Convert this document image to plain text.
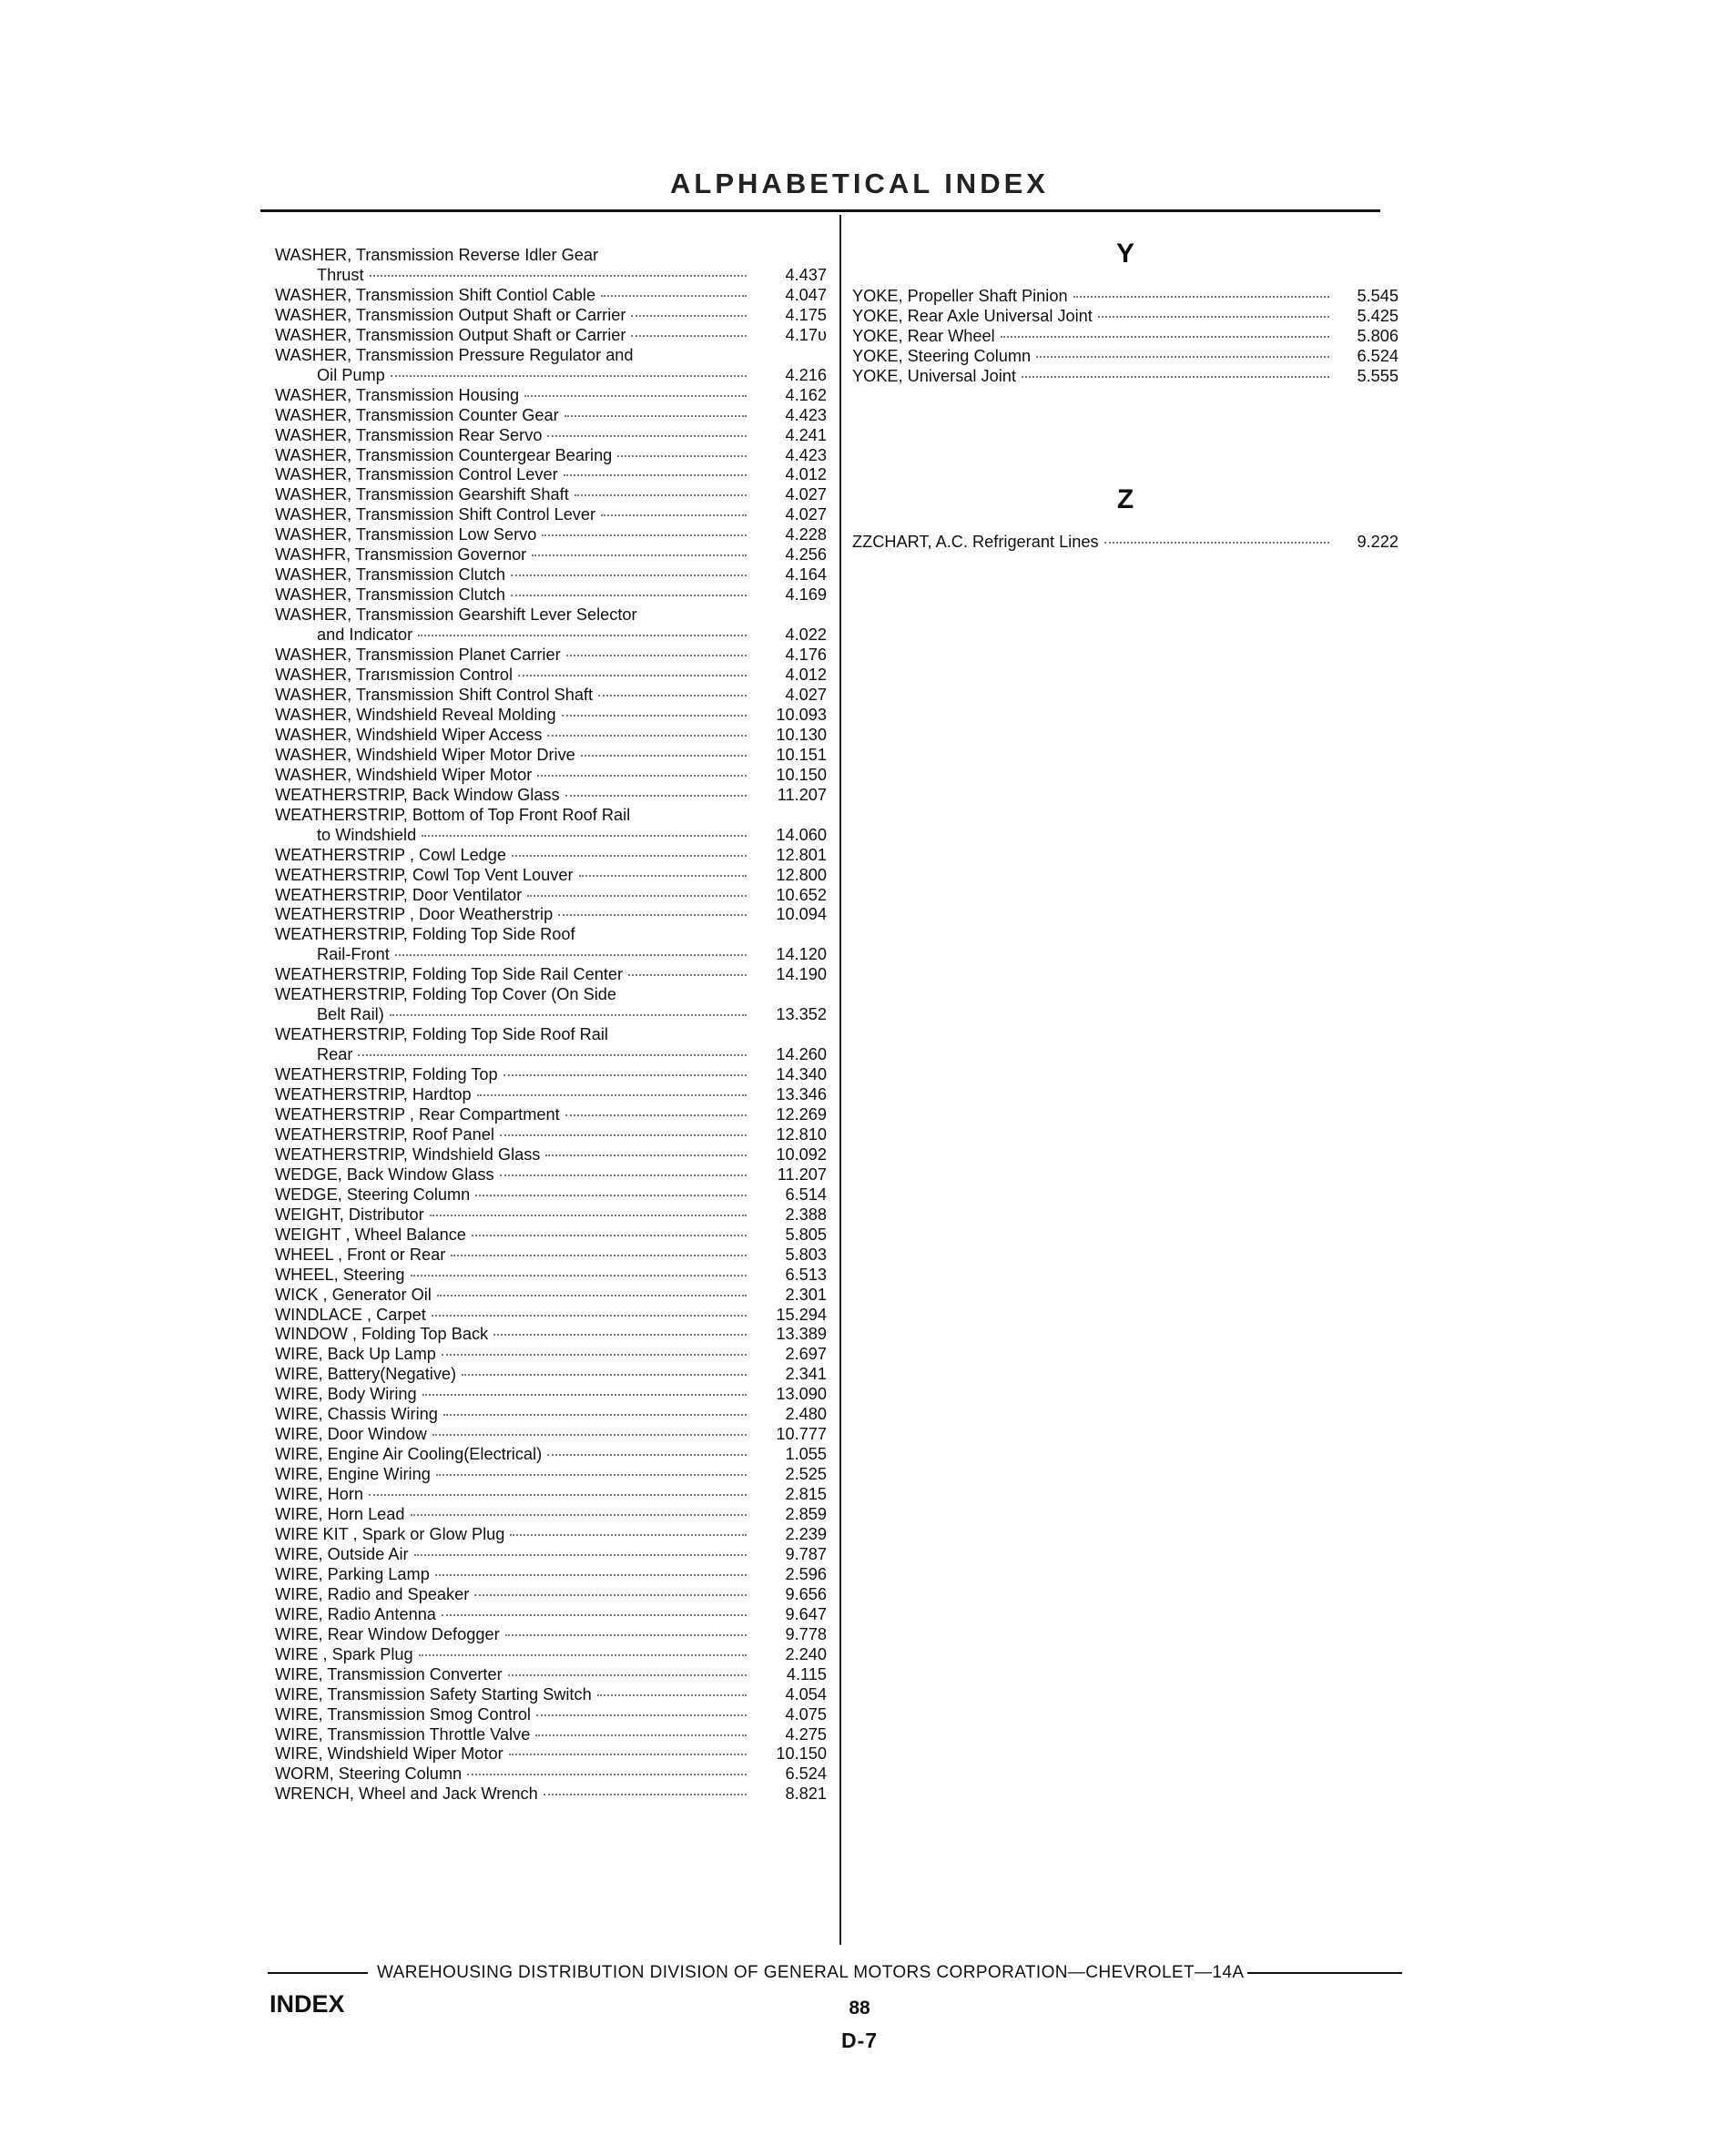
ALPHABETICAL INDEX
WASHER, Transmission Reverse Idler Gear
Thrust	4.437
WASHER, Transmission Shift Contiol Cable	4.047
WASHER, Transmission Output Shaft or Carrier	4.175
WASHER, Transmission Output Shaft or Carrier	4.17υ
WASHER, Transmission Pressure Regulator and
Oil Pump	4.216
WASHER, Transmission Housing	4.162
WASHER, Transmission Counter Gear	4.423
WASHER, Transmission Rear Servo	4.241
WASHER, Transmission Countergear Bearing	4.423
WASHER, Transmission Control Lever	4.012
WASHER, Transmission Gearshift Shaft	4.027
WASHER, Transmission Shift Control Lever	4.027
WASHER, Transmission Low Servo	4.228
WASHFR, Transmission Governor	4.256
WASHER, Transmission Clutch	4.164
WASHER, Transmission Clutch	4.169
WASHER, Transmission Gearshift Lever Selector
and Indicator	4.022
WASHER, Transmission Planet Carrier	4.176
WASHER, Trarısmission Control	4.012
WASHER, Transmission Shift Control Shaft	4.027
WASHER, Windshield Reveal Molding	10.093
WASHER, Windshield Wiper Access	10.130
WASHER, Windshield Wiper Motor Drive	10.151
WASHER, Windshield Wiper Motor	10.150
WEATHERSTRIP, Back Window Glass	11.207
WEATHERSTRIP, Bottom of Top Front Roof Rail
to Windshield	14.060
WEATHERSTRIP , Cowl Ledge	12.801
WEATHERSTRIP, Cowl Top Vent Louver	12.800
WEATHERSTRIP, Door Ventilator	10.652
WEATHERSTRIP , Door Weatherstrip	10.094
WEATHERSTRIP, Folding Top Side Roof
Rail-Front	14.120
WEATHERSTRIP, Folding Top Side Rail Center	14.190
WEATHERSTRIP, Folding Top Cover (On Side
Belt Rail)	13.352
WEATHERSTRIP, Folding Top Side Roof Rail
Rear	14.260
WEATHERSTRIP, Folding Top	14.340
WEATHERSTRIP, Hardtop	13.346
WEATHERSTRIP , Rear Compartment	12.269
WEATHERSTRIP, Roof Panel	12.810
WEATHERSTRIP, Windshield Glass	10.092
WEDGE, Back Window Glass	11.207
WEDGE, Steering Column	6.514
WEIGHT, Distributor	2.388
WEIGHT , Wheel Balance	5.805
WHEEL , Front or Rear	5.803
WHEEL, Steering	6.513
WICK , Generator Oil	2.301
WINDLACE , Carpet	15.294
WINDOW , Folding Top Back	13.389
WIRE, Back Up Lamp	2.697
WIRE, Battery(Negative)	2.341
WIRE, Body Wiring	13.090
WIRE, Chassis Wiring	2.480
WIRE, Door Window	10.777
WIRE, Engine Air Cooling(Electrical)	1.055
WIRE, Engine Wiring	2.525
WIRE, Horn	2.815
WIRE, Horn Lead	2.859
WIRE KIT , Spark or Glow Plug	2.239
WIRE, Outside Air	9.787
WIRE, Parking Lamp	2.596
WIRE, Radio and Speaker	9.656
WIRE, Radio Antenna	9.647
WIRE, Rear Window Defogger	9.778
WIRE , Spark Plug	2.240
WIRE, Transmission Converter	4.115
WIRE, Transmission Safety Starting Switch	4.054
WIRE, Transmission Smog Control	4.075
WIRE, Transmission Throttle Valve	4.275
WIRE, Windshield Wiper Motor	10.150
WORM, Steering Column	6.524
WRENCH, Wheel and Jack Wrench	8.821
Y
YOKE, Propeller Shaft Pinion	5.545
YOKE, Rear Axle Universal Joint	5.425
YOKE, Rear Wheel	5.806
YOKE, Steering Column	6.524
YOKE, Universal Joint	5.555
Z
ZZCHART, A.C. Refrigerant Lines	9.222
WAREHOUSING DISTRIBUTION DIVISION OF GENERAL MOTORS CORPORATION—CHEVROLET—14A
INDEX	88
D-7
